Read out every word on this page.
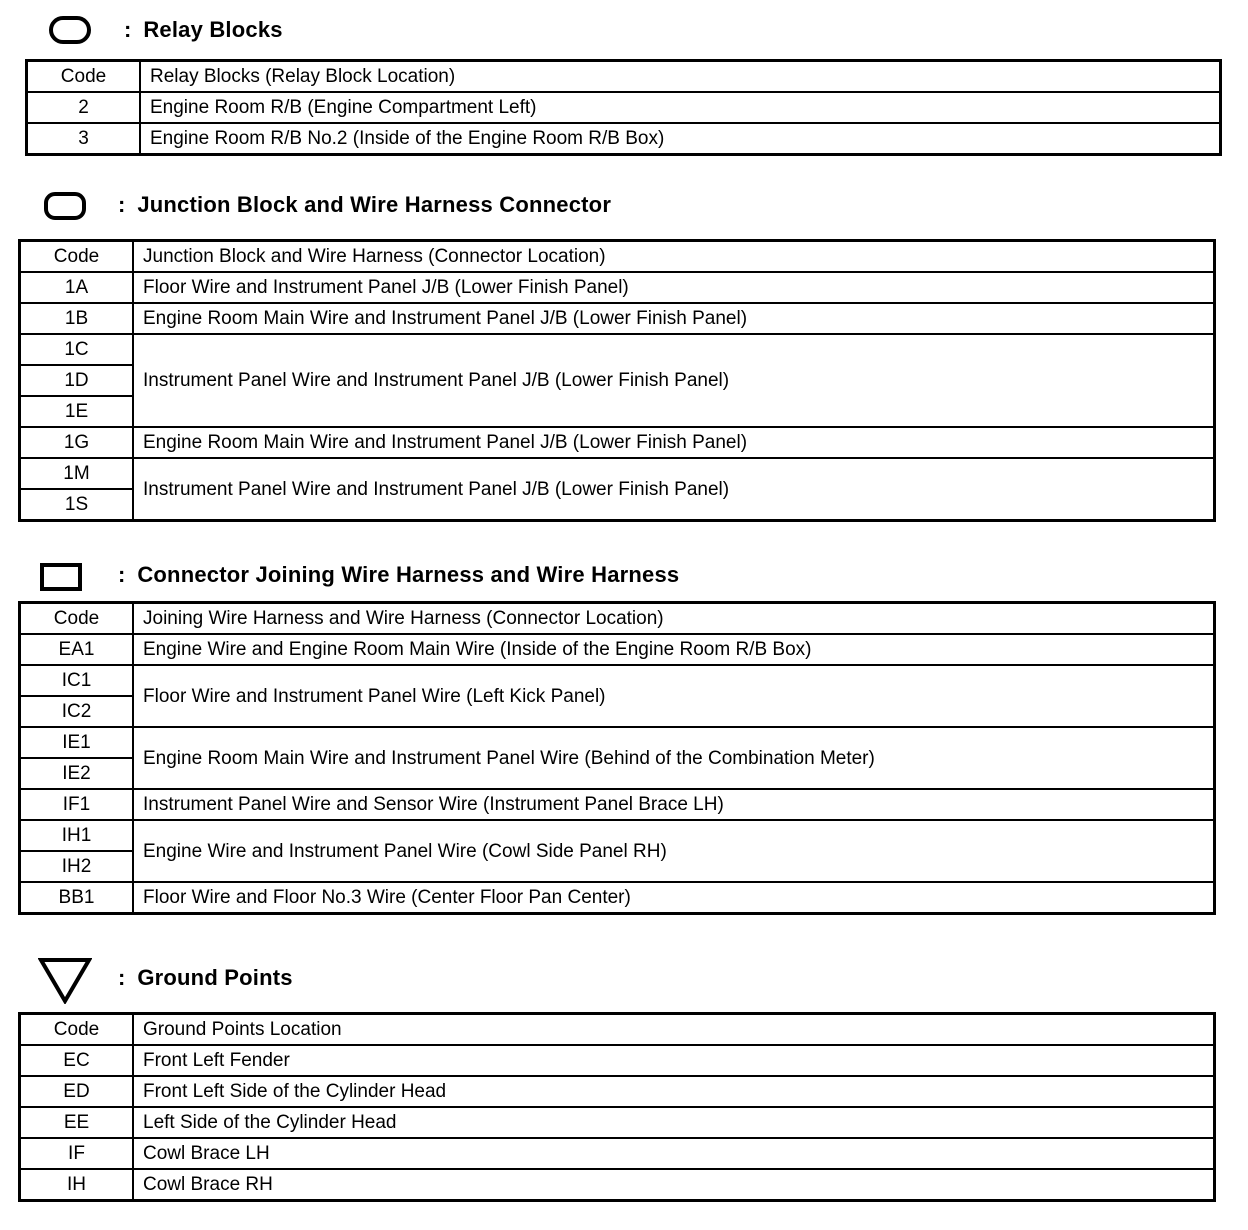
: Relay Blocks
Code	Relay Blocks (Relay Block Location)
2	Engine Room R/B (Engine Compartment Left)
3	Engine Room R/B No.2 (Inside of the Engine Room R/B Box)
: Junction Block and Wire Harness Connector
Code	Junction Block and Wire Harness (Connector Location)
1A	Floor Wire and Instrument Panel J/B (Lower Finish Panel)
1B	Engine Room Main Wire and Instrument Panel J/B (Lower Finish Panel)
1C	Instrument Panel Wire and Instrument Panel J/B (Lower Finish Panel)
1D	
1E	
1G	Engine Room Main Wire and Instrument Panel J/B (Lower Finish Panel)
1M	Instrument Panel Wire and Instrument Panel J/B (Lower Finish Panel)
1S	
: Connector Joining Wire Harness and Wire Harness
Code	Joining Wire Harness and Wire Harness (Connector Location)
EA1	Engine Wire and Engine Room Main Wire (Inside of the Engine Room R/B Box)
IC1	Floor Wire and Instrument Panel Wire (Left Kick Panel)
IC2	
IE1	Engine Room Main Wire and Instrument Panel Wire (Behind of the Combination Meter)
IE2	
IF1	Instrument Panel Wire and Sensor Wire (Instrument Panel Brace LH)
IH1	Engine Wire and Instrument Panel Wire (Cowl Side Panel RH)
IH2	
BB1	Floor Wire and Floor No.3 Wire (Center Floor Pan Center)
: Ground Points
Code	Ground Points Location
EC	Front Left Fender
ED	Front Left Side of the Cylinder Head
EE	Left Side of the Cylinder Head
IF	Cowl Brace LH
IH	Cowl Brace RH
